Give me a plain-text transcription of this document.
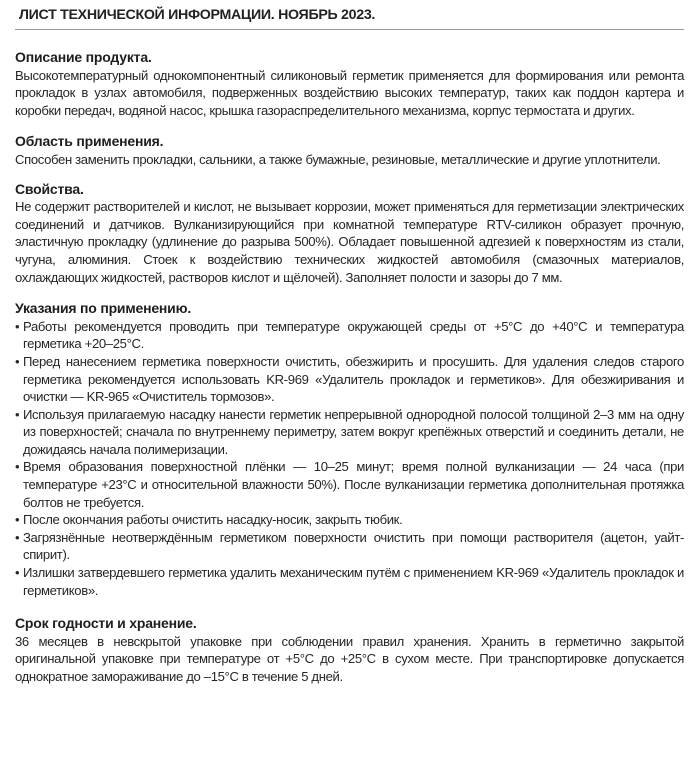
ЛИСТ ТЕХНИЧЕСКОЙ ИНФОРМАЦИИ. НОЯБРЬ 2023.
Описание продукта.

Высокотемпературный однокомпонентный силиконовый герметик применяется для формирования или ремонта прокладок в узлах автомобиля, подверженных воздействию высоких температур, таких как поддон картера и коробки передач, водяной насос, крышка газораспределительного механизма, корпус термостата и других.

Область применения.

Способен заменить прокладки, сальники, а также бумажные, резиновые, металлические и другие уплотнители.

Свойства.

Не содержит растворителей и кислот, не вызывает коррозии, может применяться для герметизации электрических соединений и датчиков. Вулканизирующийся при комнатной температуре RTV-силикон образует прочную, эластичную прокладку (удлинение до разрыва 500%). Обладает повышенной адгезией к поверхностям из стали, чугуна, алюминия. Стоек к воздействию технических жидкостей автомобиля (смазочных материалов, охлаждающих жидкостей, растворов кислот и щёлочей). Заполняет полости и зазоры до 7 мм.

Указания по применению.
• Работы рекомендуется проводить при температуре окружающей среды от +5°С до +40°С и температура герметика +20–25°С.
• Перед нанесением герметика поверхности очистить, обезжирить и просушить. Для удаления следов старого герметика рекомендуется использовать KR-969 «Удалитель прокладок и герметиков». Для обезжиривания и очистки — KR-965 «Очиститель тормозов».
• Используя прилагаемую насадку нанести герметик непрерывной однородной полосой толщиной 2–3 мм на одну из поверхностей; сначала по внутреннему периметру, затем вокруг крепёжных отверстий и соединить детали, не дожидаясь начала полимеризации.
• Время образования поверхностной плёнки — 10–25 минут; время полной вулканизации — 24 часа (при температуре +23°С и относительной влажности 50%). После вулканизации герметика дополнительная протяжка болтов не требуется.
• После окончания работы очистить насадку-носик, закрыть тюбик.
• Загрязнённые неотверждённым герметиком поверхности очистить при помощи растворителя (ацетон, уайт-спирит).
• Излишки затвердевшего герметика удалить механическим путём с применением KR-969 «Удалитель прокладок и герметиков».
Срок годности и хранение.

36 месяцев в невскрытой упаковке при соблюдении правил хранения. Хранить в герметично закрытой оригинальной упаковке при температуре от +5°С до +25°С в сухом месте. При транспортировке допускается однократное замораживание до –15°С в течение 5 дней.
